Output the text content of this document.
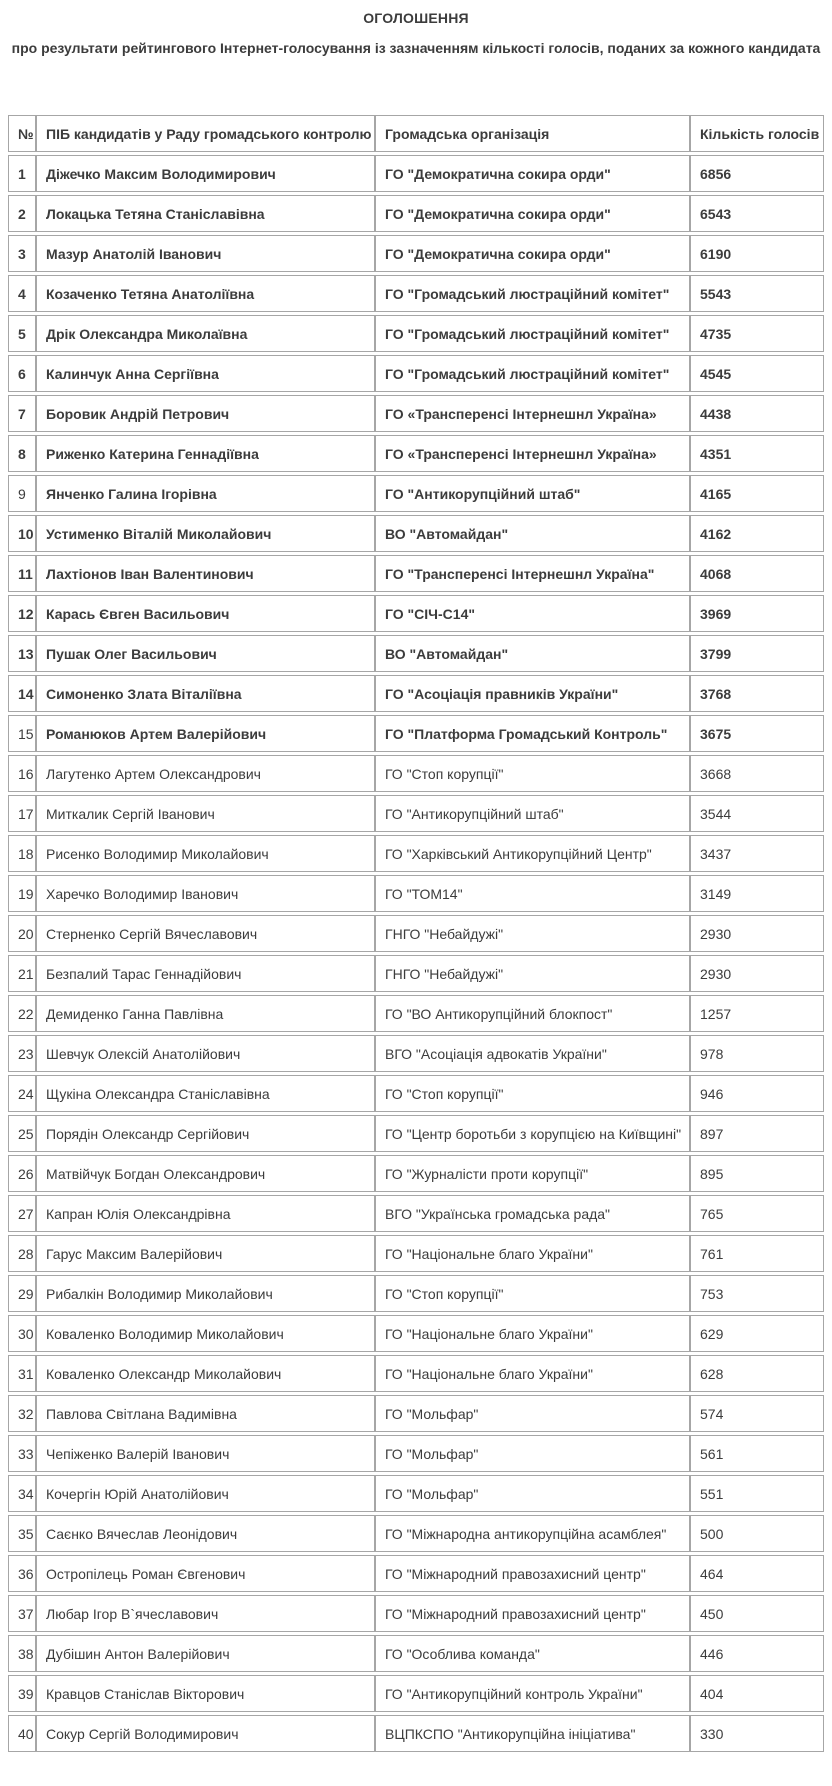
ОГОЛОШЕННЯ
про результати рейтингового Інтернет-голосування із зазначенням кількості голосів, поданих за кожного кандидата
№	ПІБ кандидатів у Раду громадського контролю	Громадська організація	Кількість голосів
1	Діжечко Максим Володимирович	ГО "Демократична сокира орди"	6856
2	Локацька Тетяна Станіславівна	ГО "Демократична сокира орди"	6543
3	Мазур Анатолій Іванович	ГО "Демократична сокира орди"	6190
4	Козаченко Тетяна Анатоліївна	ГО "Громадський люстраційний комітет"	5543
5	Дрік Олександра Миколаївна	ГО "Громадський люстраційний комітет"	4735
6	Калинчук Анна Сергіївна	ГО "Громадський люстраційний комітет"	4545
7	Боровик Андрій Петрович	ГО «Трансперенсі Інтернешнл Україна»	4438
8	Риженко Катерина Геннадіївна	ГО «Трансперенсі Інтернешнл Україна»	4351
9	Янченко Галина Ігорівна	ГО "Антикорупційний штаб"	4165
10	Устименко Віталій Миколайович	ВО "Автомайдан"	4162
11	Лахтіонов Іван Валентинович	ГО "Трансперенсі Інтернешнл Україна"	4068
12	Карась Євген Васильович	ГО "СІЧ-С14"	3969
13	Пушак Олег Васильович	ВО "Автомайдан"	3799
14	Симоненко Злата Віталіївна	ГО "Асоціація правників України"	3768
15	Романюков Артем Валерійович	ГО "Платформа Громадський Контроль"	3675
16	Лагутенко Артем Олександрович	ГО "Стоп корупції"	3668
17	Миткалик Сергій Іванович	ГО "Антикорупційний штаб"	3544
18	Рисенко Володимир Миколайович	ГО "Харківський Антикорупційний Центр"	3437
19	Харечко Володимир Іванович	ГО "ТОМ14"	3149
20	Стерненко Сергій Вячеславович	ГНГО "Небайдужі"	2930
21	Безпалий Тарас Геннадійович	ГНГО "Небайдужі"	2930
22	Демиденко Ганна Павлівна	ГО "ВО Антикорупційний блокпост"	1257
23	Шевчук Олексій Анатолійович	ВГО "Асоціація адвокатів України"	978
24	Щукіна Олександра Станіславівна	ГО "Стоп корупції"	946
25	Порядін Олександр Сергійович	ГО "Центр боротьби з корупцією на Київщині"	897
26	Матвійчук Богдан Олександрович	ГО "Журналісти проти корупції"	895
27	Капран Юлія Олександрівна	ВГО "Українська громадська рада"	765
28	Гарус Максим Валерійович	ГО "Національне благо України"	761
29	Рибалкін Володимир Миколайович	ГО "Стоп корупції"	753
30	Коваленко Володимир Миколайович	ГО "Національне благо України"	629
31	Коваленко Олександр Миколайович	ГО "Національне благо України"	628
32	Павлова Світлана Вадимівна	ГО "Мольфар"	574
33	Чепіженко Валерій Іванович	ГО "Мольфар"	561
34	Кочергін Юрій Анатолійович	ГО "Мольфар"	551
35	Саєнко Вячеслав Леонідович	ГО "Міжнародна антикорупційна асамблея"	500
36	Остропілець Роман Євгенович	ГО "Міжнародний правозахисний центр"	464
37	Любар Ігор В`ячеславович	ГО "Міжнародний правозахисний центр"	450
38	Дубішин Антон Валерійович	ГО "Особлива команда"	446
39	Кравцов Станіслав Вікторович	ГО "Антикорупційний контроль України"	404
40	Сокур Сергій Володимирович	ВЦПКСПО "Антикорупційна ініціатива"	330
